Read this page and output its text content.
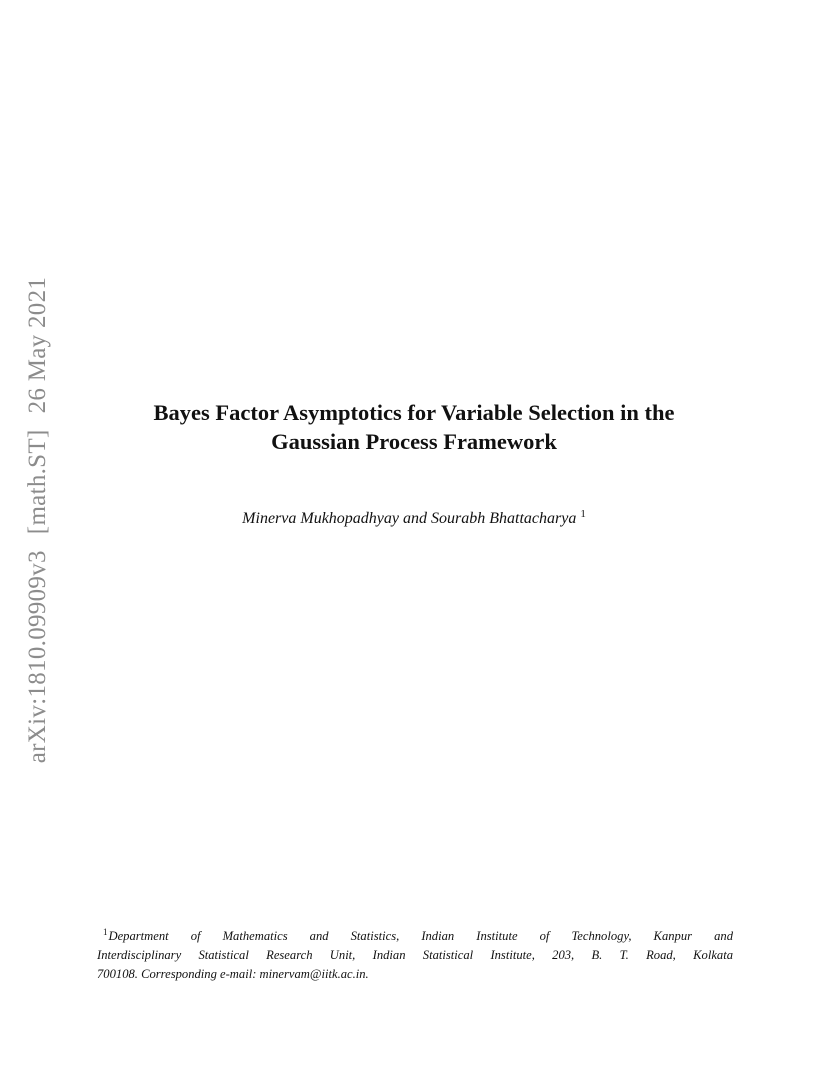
arXiv:1810.09909v3[math.ST]26 May 2021	Bayes Factor Asymptotics for Variable Selection in the
Gaussian Process Framework
Minerva Mukhopadhyay and Sourabh Bhattacharya $^1$
$^1$Department of Mathematics and Statistics, Indian Institute of Technology, Kanpur and
Interdisciplinary Statistical Research Unit, Indian Statistical Institute, 203, B. T. Road, Kolkata
700108. Corresponding e-mail: minervam@iitk.ac.in.
